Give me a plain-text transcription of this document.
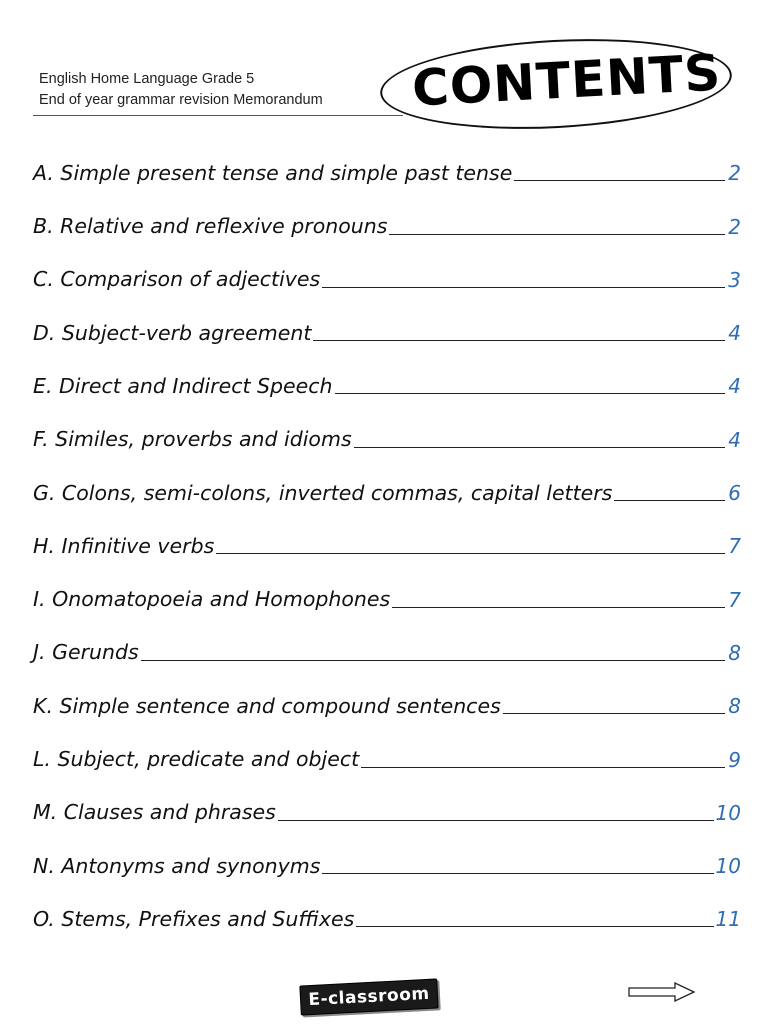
English Home Language Grade 5
End of year grammar revision Memorandum CONTENTS
A. Simple present tense and simple past tense	2
B. Relative and reflexive pronouns	2
C. Comparison of adjectives	3
D. Subject-verb agreement	4
E. Direct and Indirect Speech	4
F. Similes, proverbs and idioms	4
G. Colons, semi-colons, inverted commas, capital letters	6
H. Infinitive verbs	7
I. Onomatopoeia and Homophones	7
J. Gerunds	8
K. Simple sentence and compound sentences	8
L. Subject, predicate and object	9
M. Clauses and phrases	10
N. Antonyms and synonyms	10
O. Stems, Prefixes and Suffixes	11
E-classroom
